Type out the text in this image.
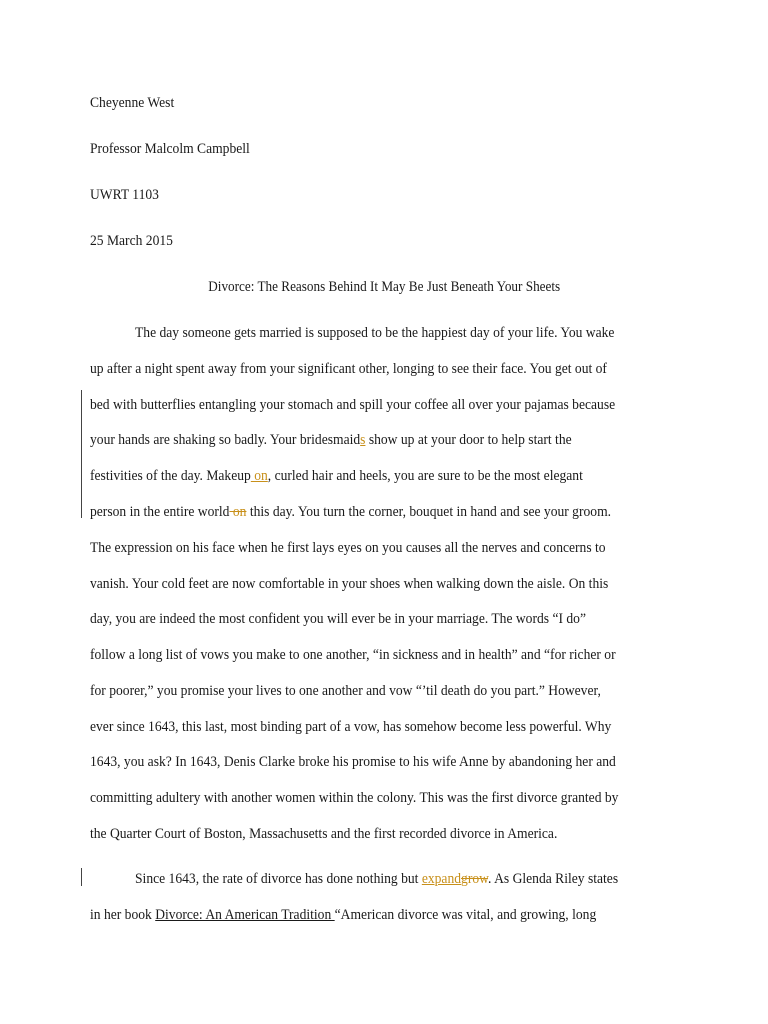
Cheyenne West
Professor Malcolm Campbell
UWRT 1103
25 March 2015
Divorce: The Reasons Behind It May Be Just Beneath Your Sheets
The day someone gets married is supposed to be the happiest day of your life. You wake
up after a night spent away from your significant other, longing to see their face. You get out of
bed with butterflies entangling your stomach and spill your coffee all over your pajamas because
your hands are shaking so badly. Your bridesmaids show up at your door to help start the
festivities of the day. Makeup on, curled hair and heels, you are sure to be the most elegant
person in the entire world on this day. You turn the corner, bouquet in hand and see your groom.
The expression on his face when he first lays eyes on you causes all the nerves and concerns to
vanish. Your cold feet are now comfortable in your shoes when walking down the aisle. On this
day, you are indeed the most confident you will ever be in your marriage. The words “I do”
follow a long list of vows you make to one another, “in sickness and in health” and “for richer or
for poorer,” you promise your lives to one another and vow “’til death do you part.” However,
ever since 1643, this last, most binding part of a vow, has somehow become less powerful. Why
1643, you ask? In 1643, Denis Clarke broke his promise to his wife Anne by abandoning her and
committing adultery with another women within the colony. This was the first divorce granted by
the Quarter Court of Boston, Massachusetts and the first recorded divorce in America.
Since 1643, the rate of divorce has done nothing but expandgrow. As Glenda Riley states
in her book Divorce: An American Tradition “American divorce was vital, and growing, long
